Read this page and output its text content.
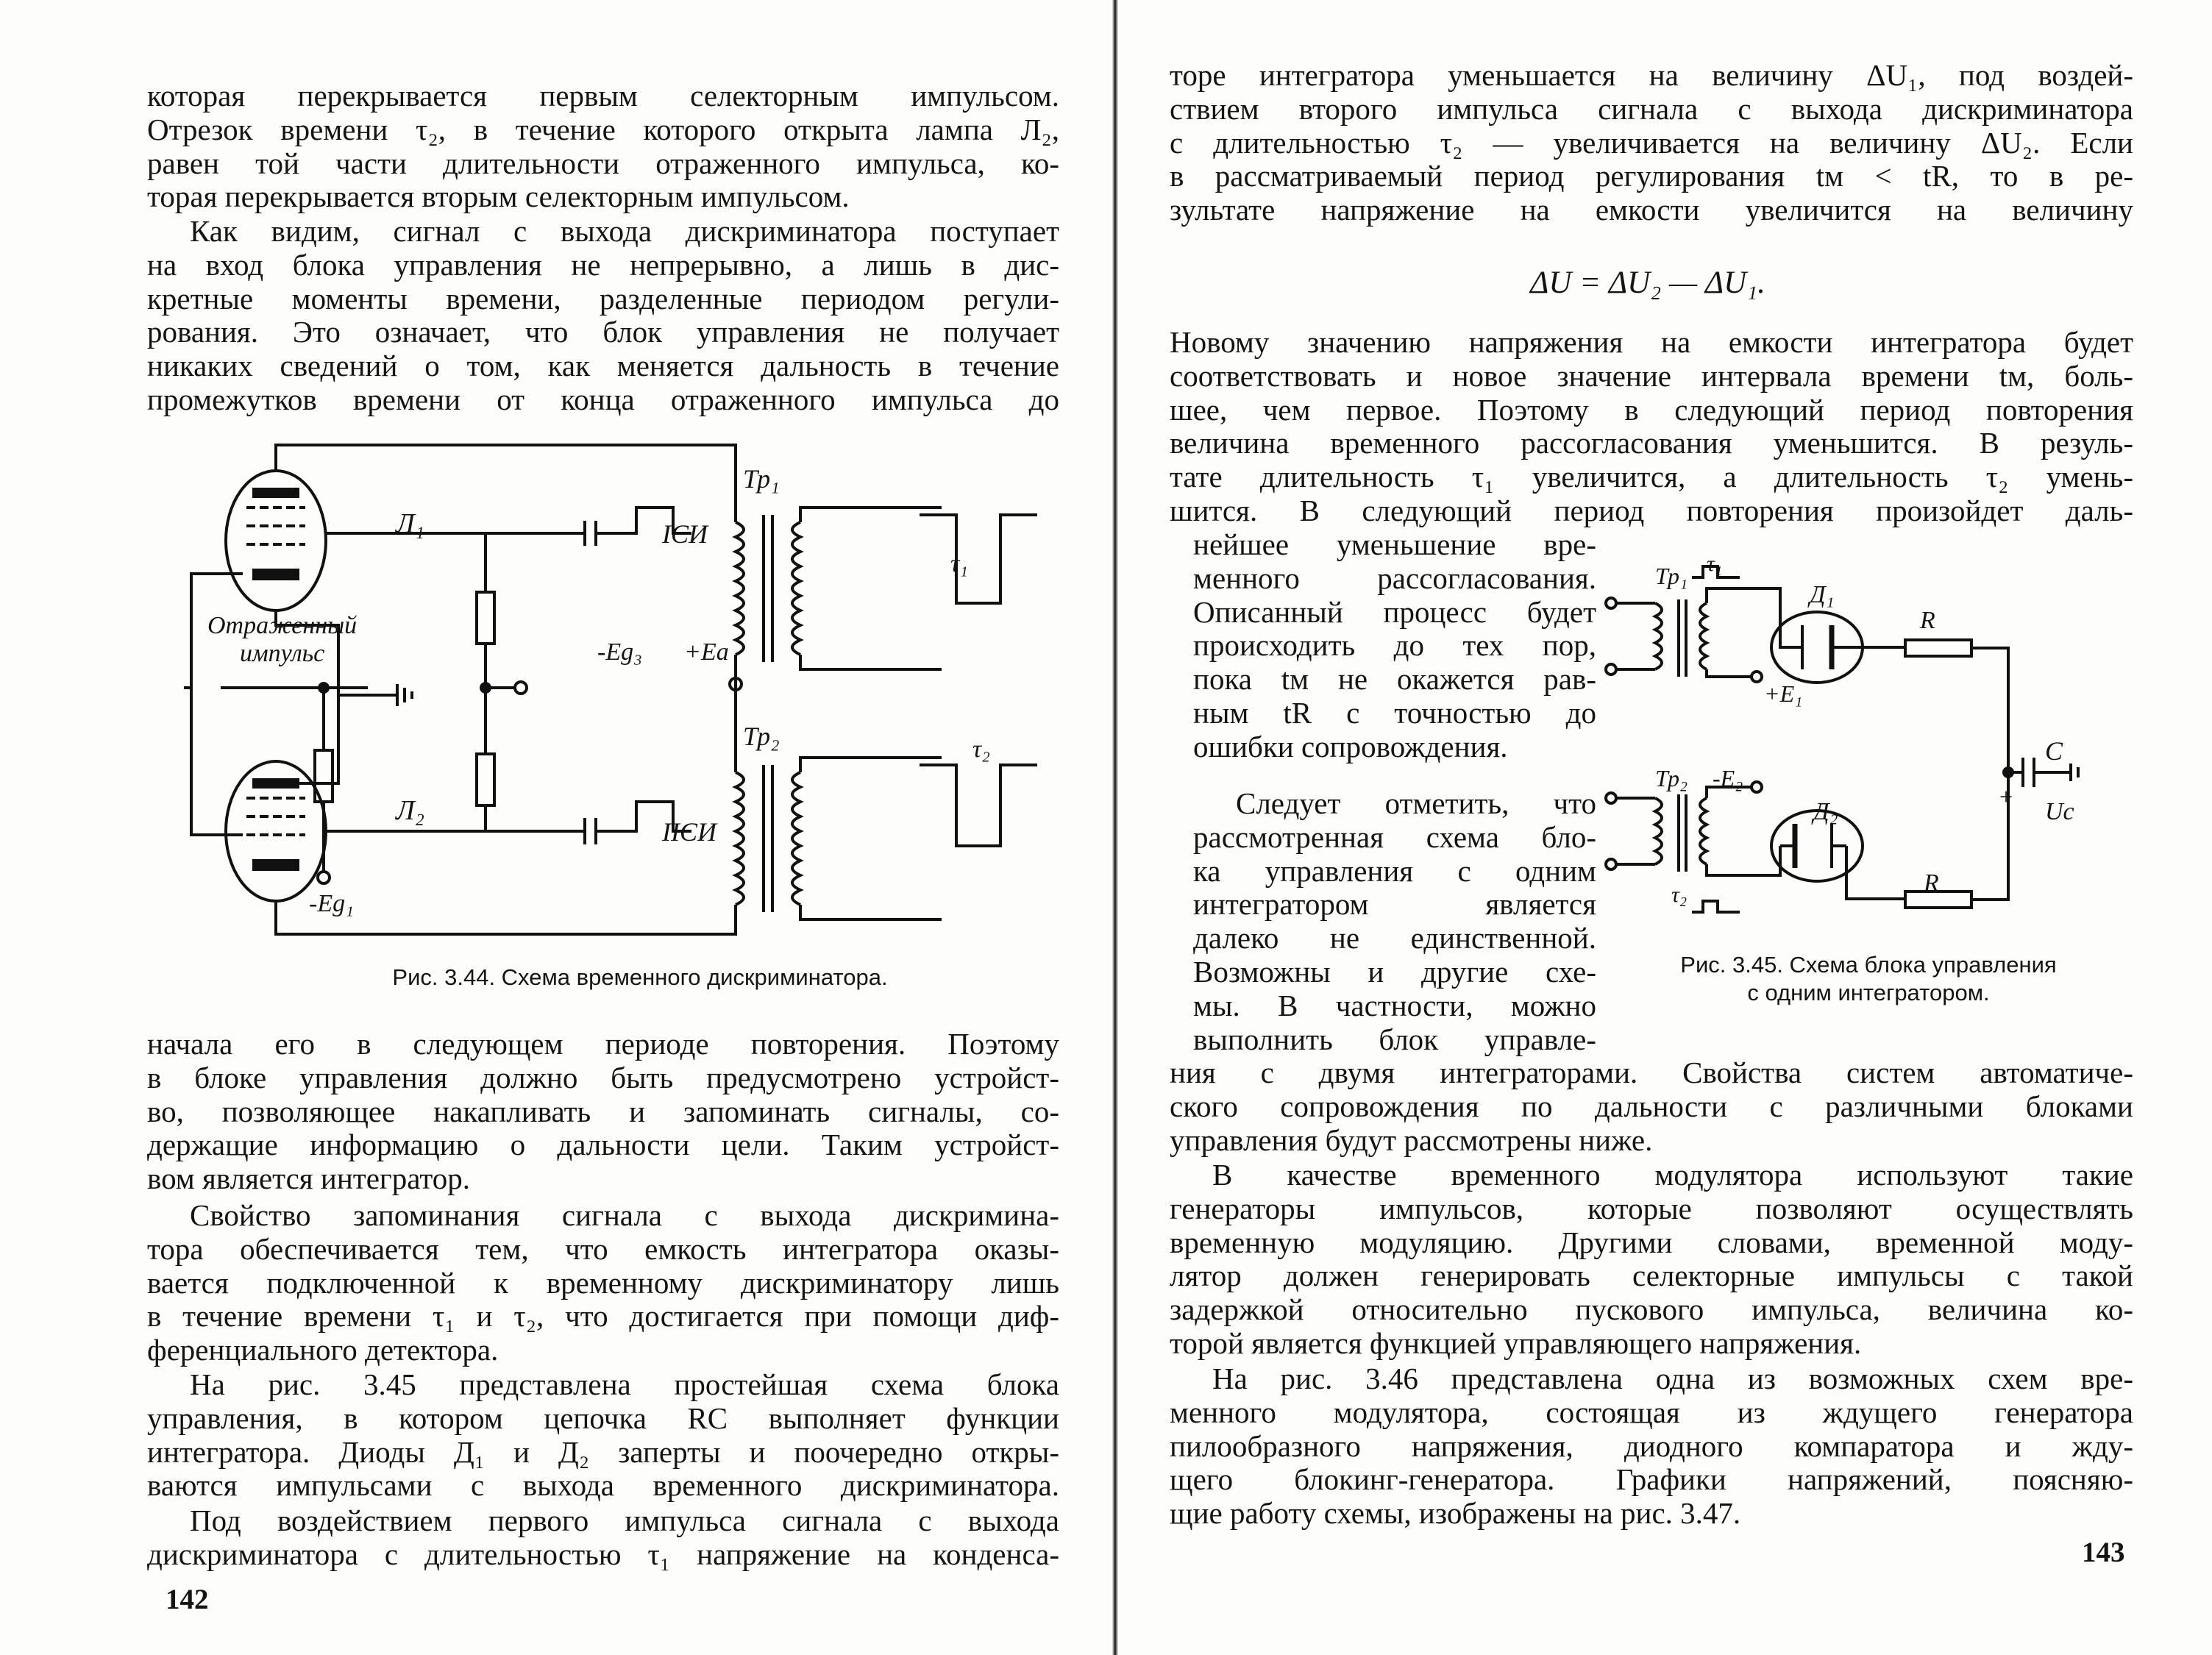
которая перекрывается первым селекторным импульсом.

Отрезок времени τ₂, в течение которого открыта лампа Л₂,

равен той части длительности отраженного импульса, ко-

торая перекрывается вторым селекторным импульсом.

Как видим, сигнал с выхода дискриминатора поступает

на вход блока управления не непрерывно, а лишь в дис-

кретные моменты времени, разделенные периодом регули-

рования. Это означает, что блок управления не получает

никаких сведений о том, как меняется дальность в течение

промежутков времени от конца отраженного импульса до

Л₁
Л₂
Тр₁
Тр₂
ІСИ
ІІСИ
Отраженный
импульс	-Eg₃ +Eа
-Eg₁
τ₁
τ₂
Рис. 3.44. Схема временного дискриминатора.

начала его в следующем периоде повторения. Поэтому

в блоке управления должно быть предусмотрено устройст-

во, позволяющее накапливать и запоминать сигналы, со-

держащие информацию о дальности цели. Таким устройст-

вом является интегратор.

Свойство запоминания сигнала с выхода дискримина-

тора обеспечивается тем, что емкость интегратора оказы-

вается подключенной к временному дискриминатору лишь

в течение времени τ₁ и τ₂, что достигается при помощи диф-

ференциального детектора.

На рис. 3.45 представлена простейшая схема блока

управления, в котором цепочка RC выполняет функции

интегратора. Диоды Д₁ и Д₂ заперты и поочередно откры-

ваются импульсами с выхода временного дискриминатора.

Под воздействием первого импульса сигнала с выхода

дискриминатора с длительностью τ₁ напряжение на конденса-

142

торе интегратора уменьшается на величину ΔU₁, под воздей-

ствием второго импульса сигнала с выхода дискриминатора

с длительностью τ₂ — увеличивается на величину ΔU₂. Если

в рассматриваемый период регулирования tм < tR, то в ре-

зультате напряжение на емкости увеличится на величину

ΔU = ΔU₂ — ΔU₁.

Новому значению напряжения на емкости интегратора будет

соответствовать и новое значение интервала времени tм, боль-

шее, чем первое. Поэтому в следующий период повторения

величина временного рассогласования уменьшится. В резуль-

тате длительность τ₁ увеличится, а длительность τ₂ умень-

шится. В следующий период повторения произойдет даль-

нейшее уменьшение вре-

менного рассогласования.

Описанный процесс будет

происходить до тех пор,

пока tм не окажется рав-

ным tR с точностью до

ошибки сопровождения.

Следует отметить, что

рассмотренная схема бло-

ка управления с одним

интегратором является

далеко не единственной.

Возможны и другие схе-

мы. В частности, можно

выполнить блок управле-

Тр₁ τ₁
Д₁
R
+E₁
C
+
Uс
Тр₂ -E₂
Д₂
R
τ₂
Рис. 3.45. Схема блока управления
с одним интегратором.

ния с двумя интеграторами. Свойства систем автоматиче-

ского сопровождения по дальности с различными блоками

управления будут рассмотрены ниже.

В качестве временного модулятора используют такие

генераторы импульсов, которые позволяют осуществлять

временную модуляцию. Другими словами, временной моду-

лятор должен генерировать селекторные импульсы с такой

задержкой относительно пускового импульса, величина ко-

торой является функцией управляющего напряжения.

На рис. 3.46 представлена одна из возможных схем вре-

менного модулятора, состоящая из ждущего генератора

пилообразного напряжения, диодного компаратора и жду-

щего блокинг-генератора. Графики напряжений, поясняю-

щие работу схемы, изображены на рис. 3.47.

143
